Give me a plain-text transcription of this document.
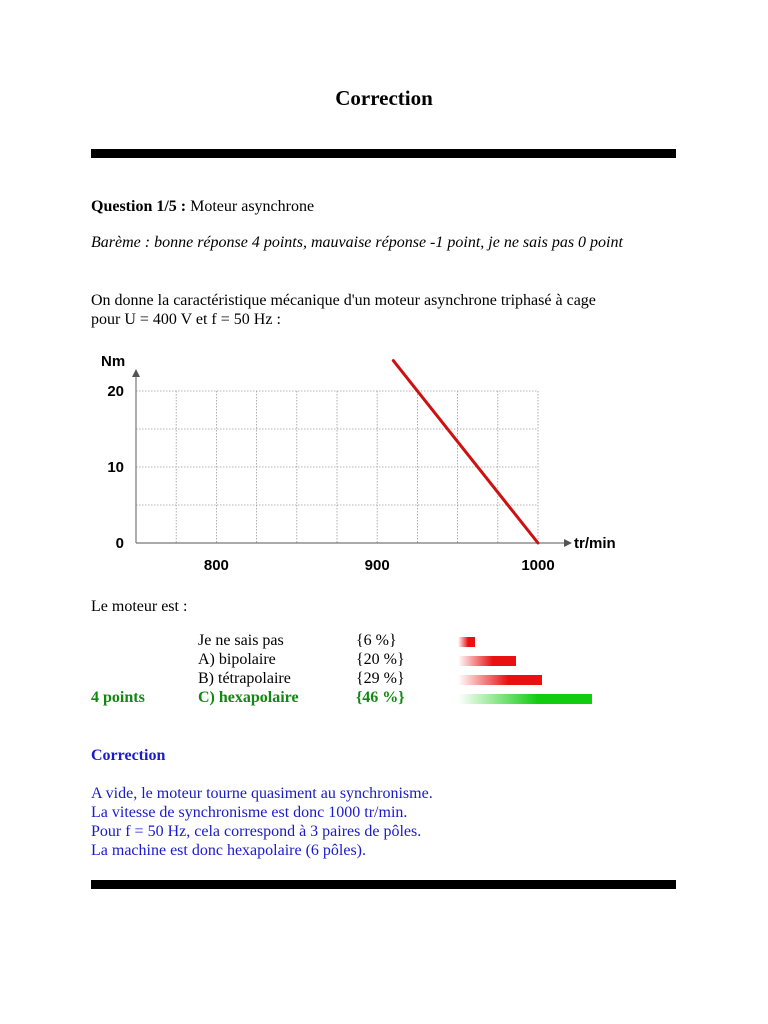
Correction
Question 1/5 : Moteur asynchrone
Barème : bonne réponse 4 points, mauvaise réponse -1 point, je ne sais pas 0 point
On donne la caractéristique mécanique d'un moteur asynchrone triphasé à cage
pour U = 400 V et f = 50 Hz :
800	900	1000
0
10
20
tr/min
Nm
Le moteur est :
Je ne sais pas	{6 %}
A) bipolaire	{20 %}
B) tétrapolaire	{29 %}
4 points	C) hexapolaire	{46 %}
Correction
A vide, le moteur tourne quasiment au synchronisme.
La vitesse de synchronisme est donc 1000 tr/min.
Pour f = 50 Hz, cela correspond à 3 paires de pôles.
La machine est donc hexapolaire (6 pôles).
